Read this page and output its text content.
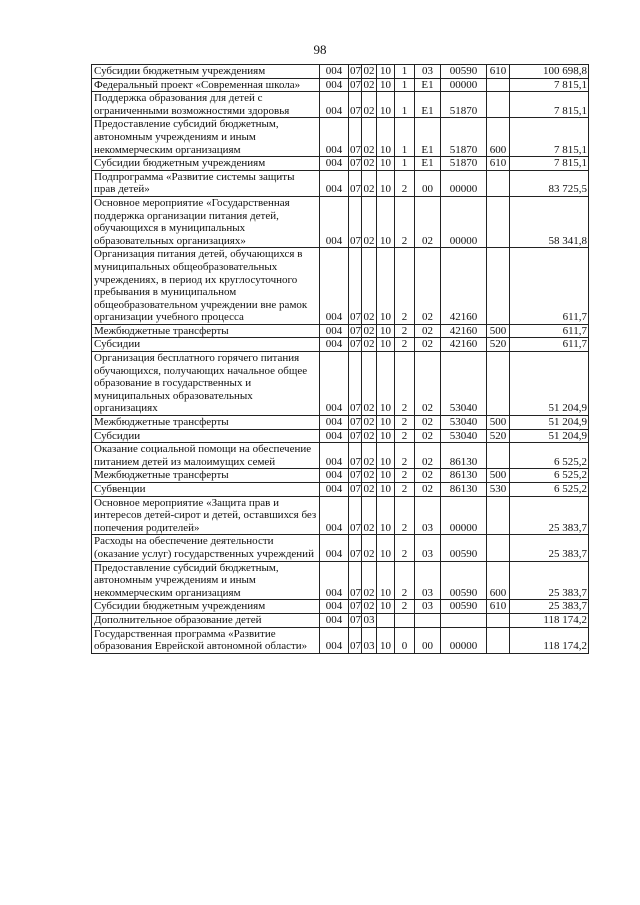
98
Субсидии бюджетным учреждениям	004	07	02	10	1	03	00590	610	100 698,8
Федеральный проект «Современная школа»	004	07	02	10	1	E1	00000		7 815,1
Поддержка образования для детей с ограниченными возможностями здоровья	004	07	02	10	1	E1	51870		7 815,1
Предоставление субсидий бюджетным, автономным учреждениям и иным некоммерческим организациям	004	07	02	10	1	E1	51870	600	7 815,1
Субсидии бюджетным учреждениям	004	07	02	10	1	E1	51870	610	7 815,1
Подпрограмма «Развитие системы защиты прав детей»	004	07	02	10	2	00	00000		83 725,5
Основное мероприятие «Государственная поддержка организации питания детей, обучающихся в муниципальных образовательных организациях»	004	07	02	10	2	02	00000		58 341,8
Организация питания детей, обучающихся в муниципальных общеобразовательных учреждениях, в период их круглосуточного пребывания в муниципальном общеобразовательном учреждении вне рамок организации учебного процесса	004	07	02	10	2	02	42160		611,7
Межбюджетные трансферты	004	07	02	10	2	02	42160	500	611,7
Субсидии	004	07	02	10	2	02	42160	520	611,7
Организация бесплатного горячего питания обучающихся, получающих начальное общее образование в государственных и муниципальных образовательных организациях	004	07	02	10	2	02	53040		51 204,9
Межбюджетные трансферты	004	07	02	10	2	02	53040	500	51 204,9
Субсидии	004	07	02	10	2	02	53040	520	51 204,9
Оказание социальной помощи на обеспечение питанием детей из малоимущих семей	004	07	02	10	2	02	86130		6 525,2
Межбюджетные трансферты	004	07	02	10	2	02	86130	500	6 525,2
Субвенции	004	07	02	10	2	02	86130	530	6 525,2
Основное мероприятие «Защита прав и интересов детей-сирот и детей, оставшихся без попечения родителей»	004	07	02	10	2	03	00000		25 383,7
Расходы на обеспечение деятельности (оказание услуг) государственных учреждений	004	07	02	10	2	03	00590		25 383,7
Предоставление субсидий бюджетным, автономным учреждениям и иным некоммерческим организациям	004	07	02	10	2	03	00590	600	25 383,7
Субсидии бюджетным учреждениям	004	07	02	10	2	03	00590	610	25 383,7
Дополнительное образование детей	004	07	03						118 174,2
Государственная программа «Развитие образования Еврейской автономной области»	004	07	03	10	0	00	00000		118 174,2
